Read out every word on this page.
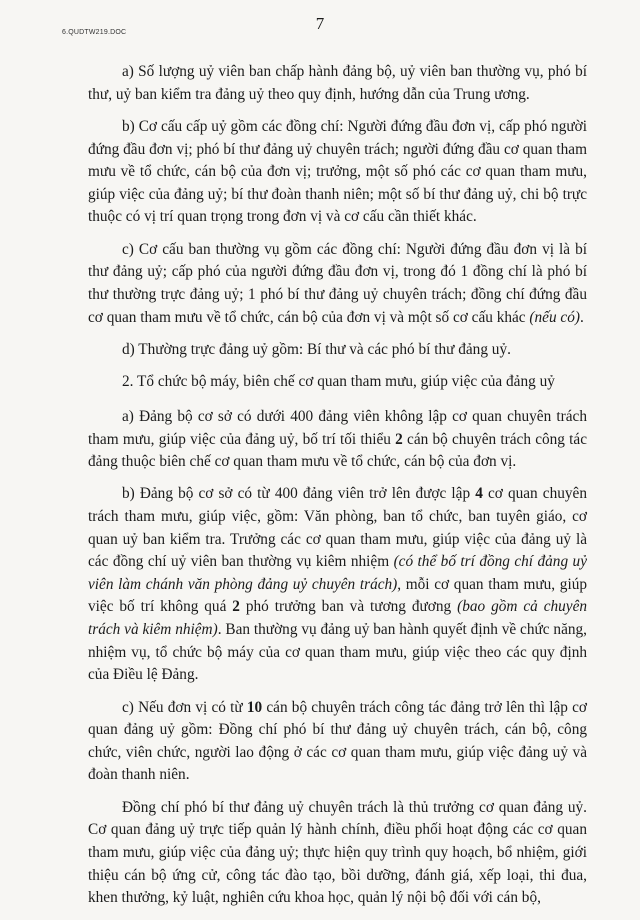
6.QUDTW219.DOC	7

a) Số lượng uỷ viên ban chấp hành đảng bộ, uỷ viên ban thường vụ, phó bí thư, uỷ ban kiểm tra đảng uỷ theo quy định, hướng dẫn của Trung ương.

b) Cơ cấu cấp uỷ gồm các đồng chí: Người đứng đầu đơn vị, cấp phó người đứng đầu đơn vị; phó bí thư đảng uỷ chuyên trách; người đứng đầu cơ quan tham mưu về tổ chức, cán bộ của đơn vị; trưởng, một số phó các cơ quan tham mưu, giúp việc của đảng uỷ; bí thư đoàn thanh niên; một số bí thư đảng uỷ, chi bộ trực thuộc có vị trí quan trọng trong đơn vị và cơ cấu cần thiết khác.

c) Cơ cấu ban thường vụ gồm các đồng chí: Người đứng đầu đơn vị là bí thư đảng uỷ; cấp phó của người đứng đầu đơn vị, trong đó 1 đồng chí là phó bí thư thường trực đảng uỷ; 1 phó bí thư đảng uỷ chuyên trách; đồng chí đứng đầu cơ quan tham mưu về tổ chức, cán bộ của đơn vị và một số cơ cấu khác (nếu có).

d) Thường trực đảng uỷ gồm: Bí thư và các phó bí thư đảng uỷ.

2. Tổ chức bộ máy, biên chế cơ quan tham mưu, giúp việc của đảng uỷ

a) Đảng bộ cơ sở có dưới 400 đảng viên không lập cơ quan chuyên trách tham mưu, giúp việc của đảng uỷ, bố trí tối thiểu 2 cán bộ chuyên trách công tác đảng thuộc biên chế cơ quan tham mưu về tổ chức, cán bộ của đơn vị.

b) Đảng bộ cơ sở có từ 400 đảng viên trở lên được lập 4 cơ quan chuyên trách tham mưu, giúp việc, gồm: Văn phòng, ban tổ chức, ban tuyên giáo, cơ quan uỷ ban kiểm tra. Trưởng các cơ quan tham mưu, giúp việc của đảng uỷ là các đồng chí uỷ viên ban thường vụ kiêm nhiệm (có thể bố trí đồng chí đảng uỷ viên làm chánh văn phòng đảng uỷ chuyên trách), mỗi cơ quan tham mưu, giúp việc bố trí không quá 2 phó trưởng ban và tương đương (bao gồm cả chuyên trách và kiêm nhiệm). Ban thường vụ đảng uỷ ban hành quyết định về chức năng, nhiệm vụ, tổ chức bộ máy của cơ quan tham mưu, giúp việc theo các quy định của Điều lệ Đảng.

c) Nếu đơn vị có từ 10 cán bộ chuyên trách công tác đảng trở lên thì lập cơ quan đảng uỷ gồm: Đồng chí phó bí thư đảng uỷ chuyên trách, cán bộ, công chức, viên chức, người lao động ở các cơ quan tham mưu, giúp việc đảng uỷ và đoàn thanh niên.

Đồng chí phó bí thư đảng uỷ chuyên trách là thủ trưởng cơ quan đảng uỷ. Cơ quan đảng uỷ trực tiếp quản lý hành chính, điều phối hoạt động các cơ quan tham mưu, giúp việc của đảng uỷ; thực hiện quy trình quy hoạch, bổ nhiệm, giới thiệu cán bộ ứng cử, công tác đào tạo, bồi dưỡng, đánh giá, xếp loại, thi đua, khen thưởng, kỷ luật, nghiên cứu khoa học, quản lý nội bộ đối với cán bộ,
